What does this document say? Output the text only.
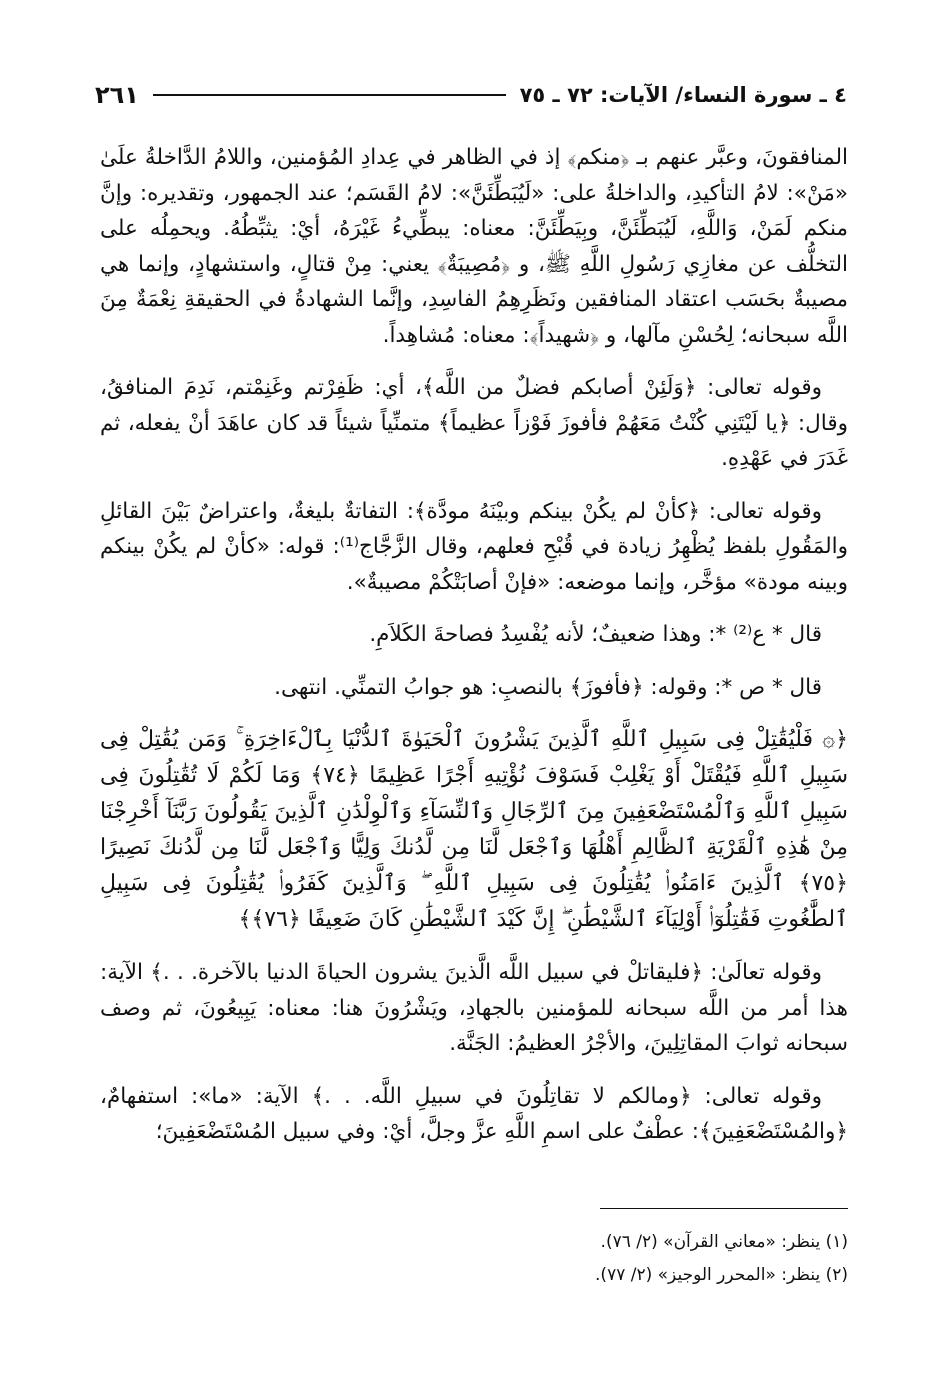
٤ ـ سورة النساء/ الآيات: ٧٢ ـ ٧٥
٢٦١

المنافقونَ، وعبَّر عنهم بـ ﴿منكم﴾ إذ في الظاهر في عِدادِ المُؤمنين، واللامُ الدَّاخلةُ علَىٰ «مَنْ»: لامُ التأكيدِ، والداخلةُ على: «لَيُبَطِّئَنَّ»: لامُ القَسَم؛ عند الجمهور، وتقديره: وإنَّ منكم لَمَنْ، وَاللَّهِ، لَيُبَطِّئَنَّ، وبِيَطِّئَنَّ: معناه: يبطِّيءُ غَيْرَهُ، أيْ: يثبِّطُهُ. ويحمِلُه على التخلُّف عن مغازِي رَسُولِ اللَّهِ ﷺ، و ﴿مُصِيبَةٌ﴾ يعني: مِنْ قتالٍ، واستشهادٍ، وإنما هي مصيبةٌ بحَسَب اعتقاد المنافقين ونَظَرِهِمُ الفاسِدِ، وإنَّما الشهادةُ في الحقيقةِ نِعْمَةٌ مِنَ اللَّه سبحانه؛ لِحُسْنِ مآلها، و ﴿شهيداً﴾: معناه: مُشاهِداً.

وقوله تعالى: ﴿وَلَئِنْ أصابكم فضلٌ من اللَّه﴾، أي: ظَفِرْتم وغَنِمْتم، نَدِمَ المنافقُ، وقال: ﴿يا لَيْتَنِي كُنْتُ مَعَهُمْ فأفوزَ فَوْزاً عظيماً﴾ متمنِّياً شيئاً قد كان عاهَدَ أنْ يفعله، ثم غَدَرَ في عَهْدِهِ.

وقوله تعالى: ﴿كأنْ لم يكُنْ بينكم وبيْنَهُ مودَّة﴾: التفاتةٌ بليغةٌ، واعتراضٌ بَيْنَ القائلِ والمَقُولِ بلفظ يُظْهِرُ زيادة في قُبْحِ فعلهم، وقال الزَّجَّاج⁽¹⁾: قوله: «كأنْ لم يكُنْ بينكم وبينه مودة» مؤخَّر، وإنما موضعه: «فإنْ أصابَتْكُمْ مصيبةٌ».

قال * ع⁽²⁾ *: وهذا ضعيفٌ؛ لأنه يُفْسِدُ فصاحةَ الكَلاَمِ.

قال * ص *: وقوله: ﴿فأفوزَ﴾ بالنصبِ: هو جوابُ التمنِّي. انتهى.

﴿۞ فَلْيُقَٰتِلْ فِى سَبِيلِ ٱللَّهِ ٱلَّذِينَ يَشْرُونَ ٱلْحَيَوٰةَ ٱلدُّنْيَا بِٱلْءَاخِرَةِ ۚ وَمَن يُقَٰتِلْ فِى سَبِيلِ ٱللَّهِ فَيُقْتَلْ أَوْ يَغْلِبْ فَسَوْفَ نُؤْتِيهِ أَجْرًا عَظِيمًا ﴿٧٤﴾ وَمَا لَكُمْ لَا تُقَٰتِلُونَ فِى سَبِيلِ ٱللَّهِ وَٱلْمُسْتَضْعَفِينَ مِنَ ٱلرِّجَالِ وَٱلنِّسَآءِ وَٱلْوِلْدَٰنِ ٱلَّذِينَ يَقُولُونَ رَبَّنَآ أَخْرِجْنَا مِنْ هَٰذِهِ ٱلْقَرْيَةِ ٱلظَّالِمِ أَهْلُهَا وَٱجْعَل لَّنَا مِن لَّدُنكَ وَلِيًّا وَٱجْعَل لَّنَا مِن لَّدُنكَ نَصِيرًا ﴿٧٥﴾ ٱلَّذِينَ ءَامَنُوا۟ يُقَٰتِلُونَ فِى سَبِيلِ ٱللَّهِ ۖ وَٱلَّذِينَ كَفَرُوا۟ يُقَٰتِلُونَ فِى سَبِيلِ ٱلطَّٰغُوتِ فَقَٰتِلُوٓا۟ أَوْلِيَآءَ ٱلشَّيْطَٰنِ ۖ إِنَّ كَيْدَ ٱلشَّيْطَٰنِ كَانَ ضَعِيفًا ﴿٧٦﴾﴾

وقوله تعالَىٰ: ﴿فليقاتلْ في سبيل اللَّه الَّذينَ يشرون الحياةَ الدنيا بالآخرة. . .﴾ الآية: هذا أمر من اللَّه سبحانه للمؤمنين بالجهادِ، ويَشْرُونَ هنا: معناه: يَبِيعُونَ، ثم وصف سبحانه ثوابَ المقاتِلِينَ، والأجْرُ العظيمُ: الجَنَّة.

وقوله تعالى: ﴿ومالكم لا تقاتِلُونَ في سبيلِ اللَّه. . .﴾ الآية: «ما»: استفهامٌ، ﴿والمُسْتَضْعَفِينَ﴾: عطْفٌ على اسمِ اللَّهِ عزَّ وجلَّ، أيْ: وفي سبيل المُسْتَضْعَفِينَ؛

(١) ينظر: «معاني القرآن» (٢/ ٧٦).

(٢) ينظر: «المحرر الوجيز» (٢/ ٧٧).
